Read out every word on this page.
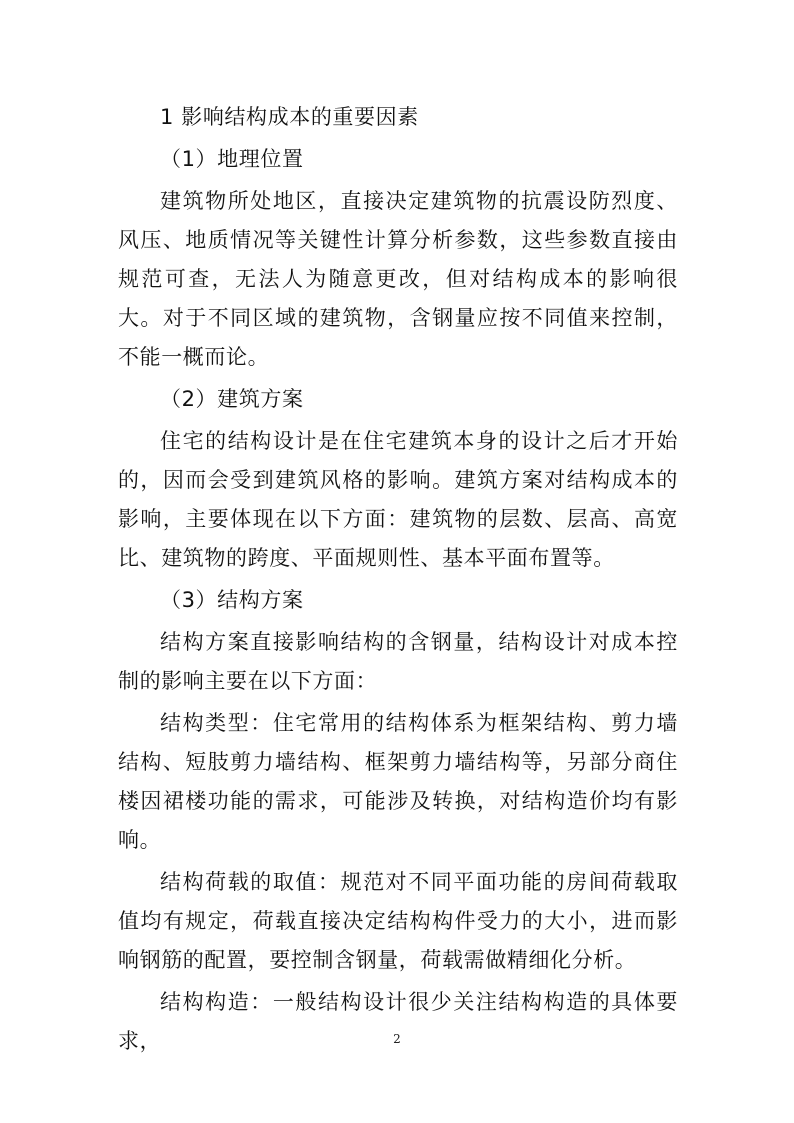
1 影响结构成本的重要因素

（1）地理位置

建筑物所处地区，直接决定建筑物的抗震设防烈度、风压、地质情况等关键性计算分析参数，这些参数直接由规范可查，无法人为随意更改，但对结构成本的影响很大。对于不同区域的建筑物，含钢量应按不同值来控制，不能一概而论。

（2）建筑方案

住宅的结构设计是在住宅建筑本身的设计之后才开始的，因而会受到建筑风格的影响。建筑方案对结构成本的影响，主要体现在以下方面：建筑物的层数、层高、高宽比、建筑物的跨度、平面规则性、基本平面布置等。

（3）结构方案

结构方案直接影响结构的含钢量，结构设计对成本控制的影响主要在以下方面：

结构类型：住宅常用的结构体系为框架结构、剪力墙结构、短肢剪力墙结构、框架剪力墙结构等，另部分商住楼因裙楼功能的需求，可能涉及转换，对结构造价均有影响。

结构荷载的取值：规范对不同平面功能的房间荷载取值均有规定，荷载直接决定结构构件受力的大小，进而影响钢筋的配置，要控制含钢量，荷载需做精细化分析。

结构构造：一般结构设计很少关注结构构造的具体要求，	2
